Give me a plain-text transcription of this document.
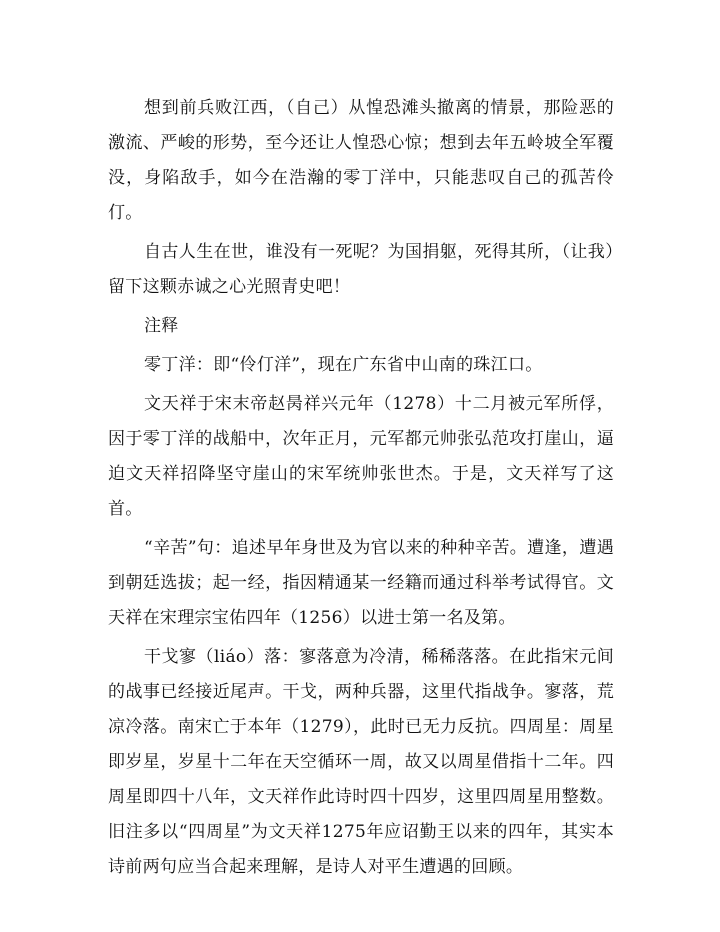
想到前兵败江西，（自己）从惶恐滩头撤离的情景，那险恶的激流、严峻的形势，至今还让人惶恐心惊；想到去年五岭坡全军覆没，身陷敌手，如今在浩瀚的零丁洋中，只能悲叹自己的孤苦伶仃。

自古人生在世，谁没有一死呢？为国捐躯，死得其所，（让我）留下这颗赤诚之心光照青史吧！

注释

零丁洋：即“伶仃洋”，现在广东省中山南的珠江口。

文天祥于宋末帝赵昺祥兴元年（1278）十二月被元军所俘，因于零丁洋的战船中，次年正月，元军都元帅张弘范攻打崖山，逼迫文天祥招降坚守崖山的宋军统帅张世杰。于是，文天祥写了这首。

“辛苦”句：追述早年身世及为官以来的种种辛苦。遭逢，遭遇到朝廷选拔；起一经，指因精通某一经籍而通过科举考试得官。文天祥在宋理宗宝佑四年（1256）以进士第一名及第。

干戈寥（liáo）落：寥落意为冷清，稀稀落落。在此指宋元间的战事已经接近尾声。干戈，两种兵器，这里代指战争。寥落，荒凉冷落。南宋亡于本年（1279），此时已无力反抗。四周星：周星即岁星，岁星十二年在天空循环一周，故又以周星借指十二年。四周星即四十八年，文天祥作此诗时四十四岁，这里四周星用整数。旧注多以“四周星”为文天祥1275年应诏勤王以来的四年，其实本诗前两句应当合起来理解，是诗人对平生遭遇的回顾。
